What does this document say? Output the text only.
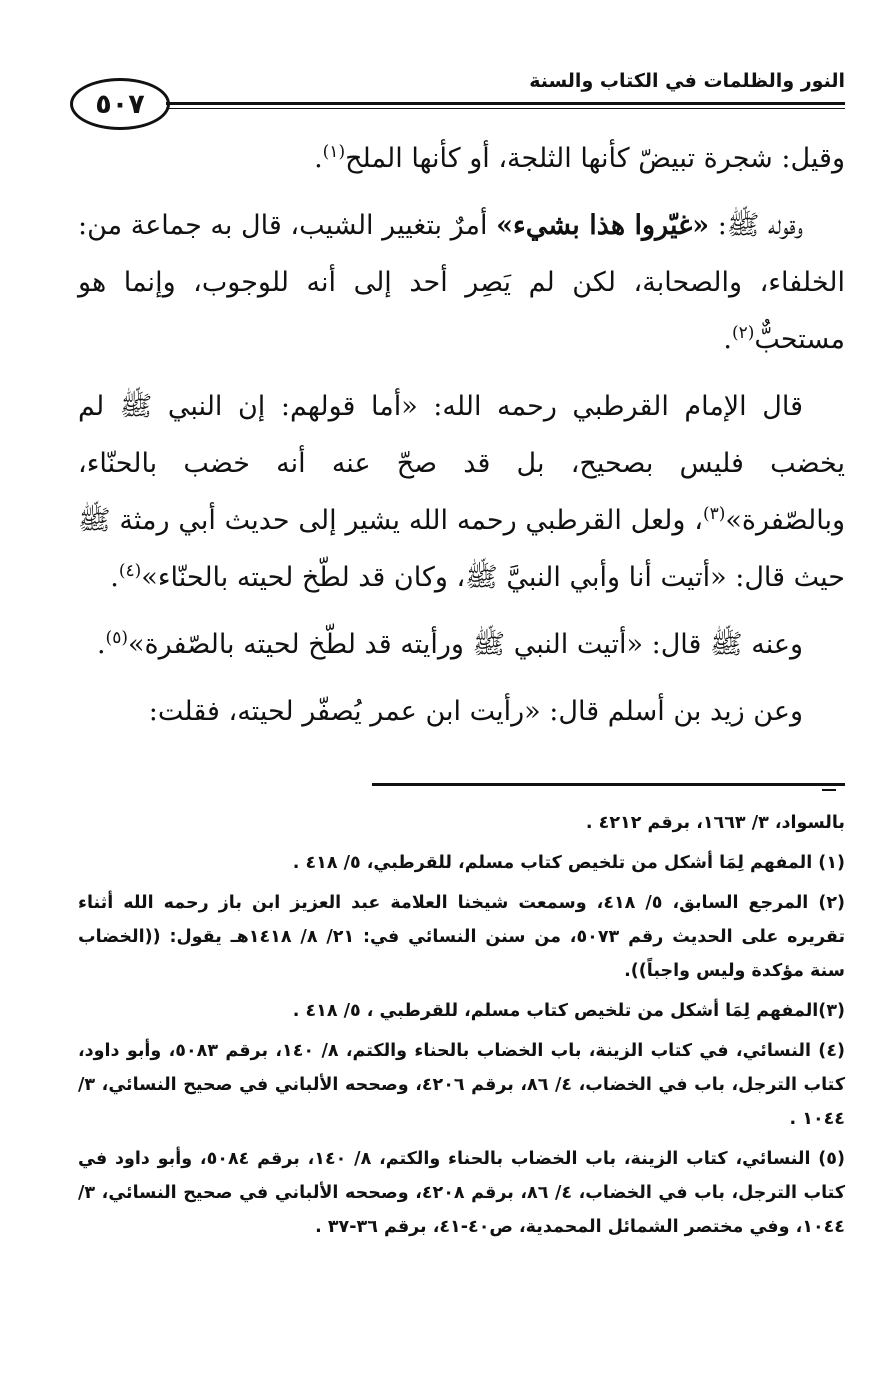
٥٠٧
النور والظلمات في الكتاب والسنة

وقيل: شجرة تبيضّ كأنها الثلجة، أو كأنها الملح$^{(١)}$.

وقوله ﷺ: «غيّروا هذا بشيء» أمرٌ بتغيير الشيب، قال به جماعة من: الخلفاء، والصحابة، لكن لم يَصِر أحد إلى أنه للوجوب، وإنما هو مستحبٌّ$^{(٢)}$.

قال الإمام القرطبي رحمه الله: «أما قولهم: إن النبي ﷺ لم يخضب فليس بصحيح، بل قد صحّ عنه أنه خضب بالحنّاء، وبالصّفرة»$^{(٣)}$، ولعل القرطبي رحمه الله يشير إلى حديث أبي رمثة ﷺ حيث قال: «أتيت أنا وأبي النبيَّ ﷺ، وكان قد لطّخ لحيته بالحنّاء»$^{(٤)}$.

وعنه ﷺ قال: «أتيت النبي ﷺ ورأيته قد لطّخ لحيته بالصّفرة»$^{(٥)}$.

وعن زيد بن أسلم قال: «رأيت ابن عمر يُصفّر لحيته، فقلت:

بالسواد، ٣/ ١٦٦٣، برقم ٤٢١٢ .
(١) المفهم لِمَا أشكل من تلخيص كتاب مسلم، للقرطبي، ٥/ ٤١٨ .
(٢) المرجع السابق، ٥/ ٤١٨، وسمعت شيخنا العلامة عبد العزيز ابن باز رحمه الله أثناء تقريره على الحديث رقم ٥٠٧٣، من سنن النسائي في: ٢١/ ٨/ ١٤١٨هـ يقول: ((الخضاب سنة مؤكدة وليس واجباً)).
(٣)المفهم لِمَا أشكل من تلخيص كتاب مسلم، للقرطبي ، ٥/ ٤١٨ .
(٤) النسائي، في كتاب الزينة، باب الخضاب بالحناء والكتم، ٨/ ١٤٠، برقم ٥٠٨٣، وأبو داود، كتاب الترجل، باب في الخضاب، ٤/ ٨٦، برقم ٤٢٠٦، وصححه الألباني في صحيح النسائي، ٣/ ١٠٤٤ .
(٥) النسائي، كتاب الزينة، باب الخضاب بالحناء والكتم، ٨/ ١٤٠، برقم ٥٠٨٤، وأبو داود في كتاب الترجل، باب في الخضاب، ٤/ ٨٦، برقم ٤٢٠٨، وصححه الألباني في صحيح النسائي، ٣/ ١٠٤٤، وفي مختصر الشمائل المحمدية، ص٤٠-٤١، برقم ٣٦-٣٧ .
